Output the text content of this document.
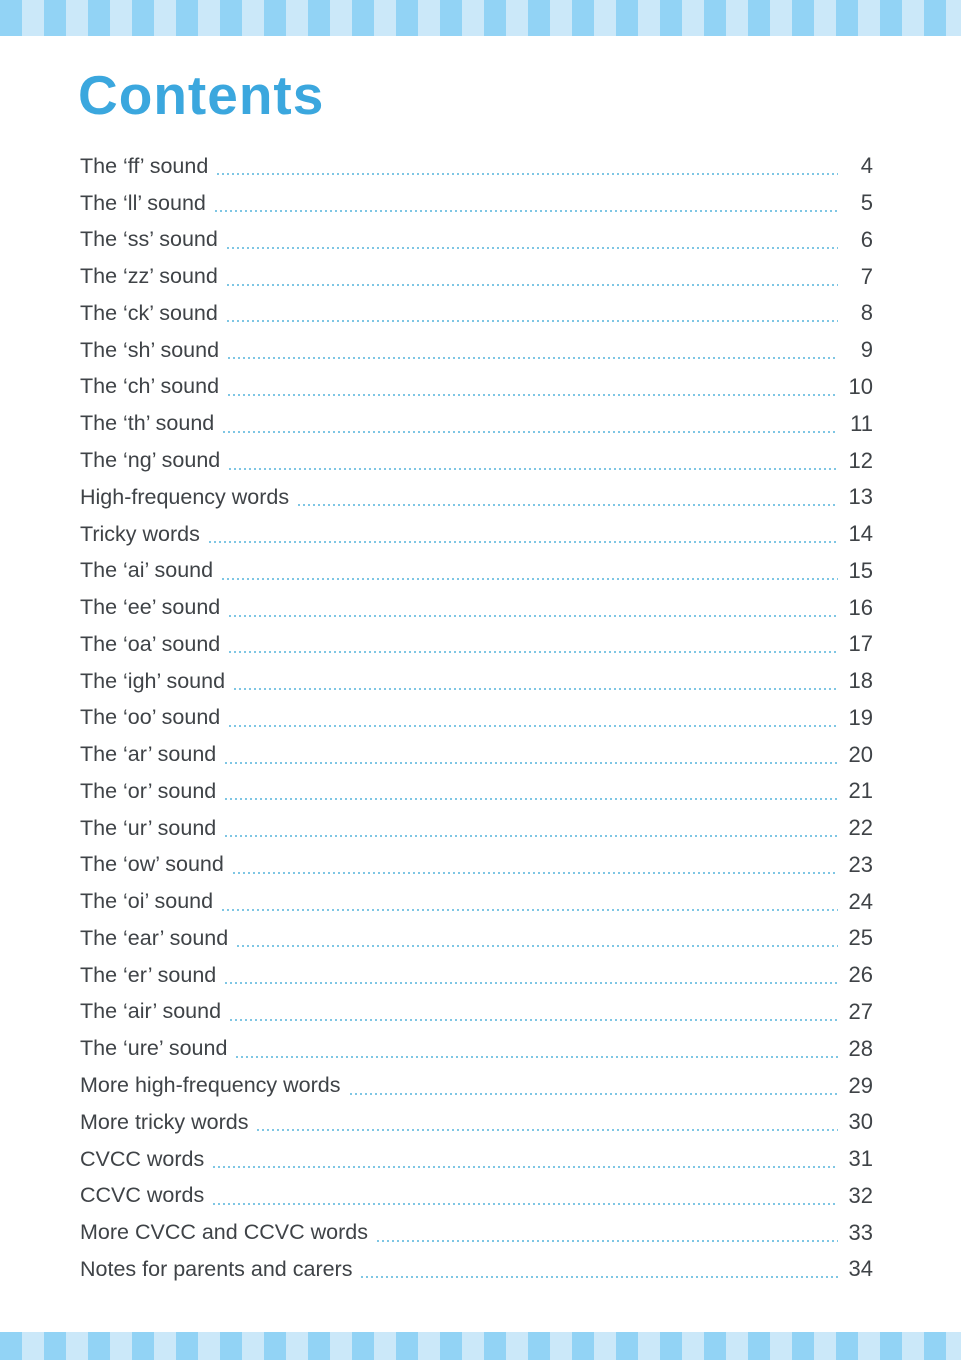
Contents
The ‘ff’ sound	4
The ‘ll’ sound	5
The ‘ss’ sound	6
The ‘zz’ sound	7
The ‘ck’ sound	8
The ‘sh’ sound	9
The ‘ch’ sound	10
The ‘th’ sound	11
The ‘ng’ sound	12
High-frequency words	13
Tricky words	14
The ‘ai’ sound	15
The ‘ee’ sound	16
The ‘oa’ sound	17
The ‘igh’ sound	18
The ‘oo’ sound	19
The ‘ar’ sound	20
The ‘or’ sound	21
The ‘ur’ sound	22
The ‘ow’ sound	23
The ‘oi’ sound	24
The ‘ear’ sound	25
The ‘er’ sound	26
The ‘air’ sound	27
The ‘ure’ sound	28
More high-frequency words	29
More tricky words	30
CVCC words	31
CCVC words	32
More CVCC and CCVC words	33
Notes for parents and carers	34
